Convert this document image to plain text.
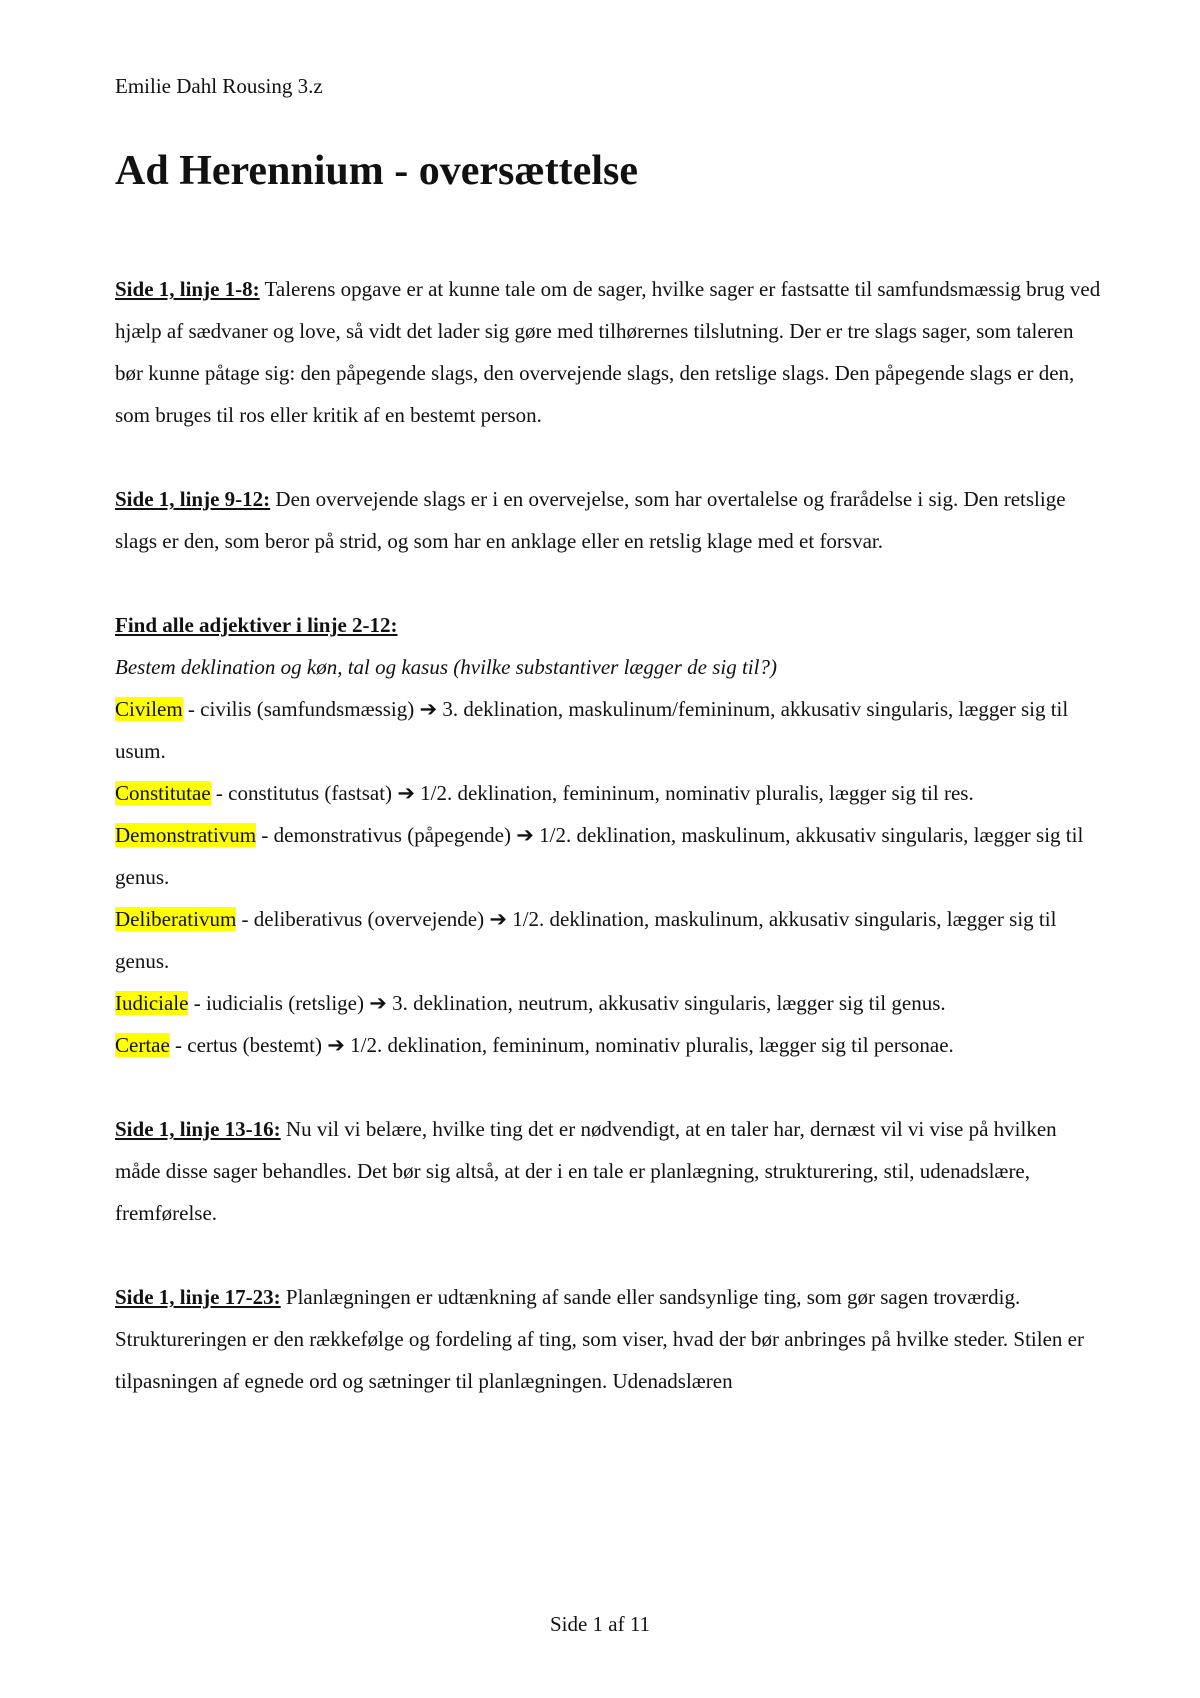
Emilie Dahl Rousing 3.z
Ad Herennium - oversættelse

Side 1, linje 1-8: Talerens opgave er at kunne tale om de sager, hvilke sager er fastsatte til samfundsmæssig brug ved hjælp af sædvaner og love, så vidt det lader sig gøre med tilhørernes tilslutning. Der er tre slags sager, som taleren bør kunne påtage sig: den påpegende slags, den overvejende slags, den retslige slags. Den påpegende slags er den, som bruges til ros eller kritik af en bestemt person.

Side 1, linje 9-12: Den overvejende slags er i en overvejelse, som har overtalelse og frarådelse i sig. Den retslige slags er den, som beror på strid, og som har en anklage eller en retslig klage med et forsvar.

Find alle adjektiver i linje 2-12:

Bestem deklination og køn, tal og kasus (hvilke substantiver lægger de sig til?)

Civilem - civilis (samfundsmæssig) ➔ 3. deklination, maskulinum/femininum, akkusativ singularis, lægger sig til usum.

Constitutae - constitutus (fastsat) ➔ 1/2. deklination, femininum, nominativ pluralis, lægger sig til res.

Demonstrativum - demonstrativus (påpegende) ➔ 1/2. deklination, maskulinum, akkusativ singularis, lægger sig til genus.

Deliberativum - deliberativus (overvejende) ➔ 1/2. deklination, maskulinum, akkusativ singularis, lægger sig til genus.

Iudiciale - iudicialis (retslige) ➔ 3. deklination, neutrum, akkusativ singularis, lægger sig til genus.

Certae - certus (bestemt) ➔ 1/2. deklination, femininum, nominativ pluralis, lægger sig til personae.

Side 1, linje 13-16: Nu vil vi belære, hvilke ting det er nødvendigt, at en taler har, dernæst vil vi vise på hvilken måde disse sager behandles. Det bør sig altså, at der i en tale er planlægning, strukturering, stil, udenadslære, fremførelse.

Side 1, linje 17-23: Planlægningen er udtænkning af sande eller sandsynlige ting, som gør sagen troværdig. Struktureringen er den rækkefølge og fordeling af ting, som viser, hvad der bør anbringes på hvilke steder. Stilen er tilpasningen af egnede ord og sætninger til planlægningen. Udenadslæren

Side 1 af 11
